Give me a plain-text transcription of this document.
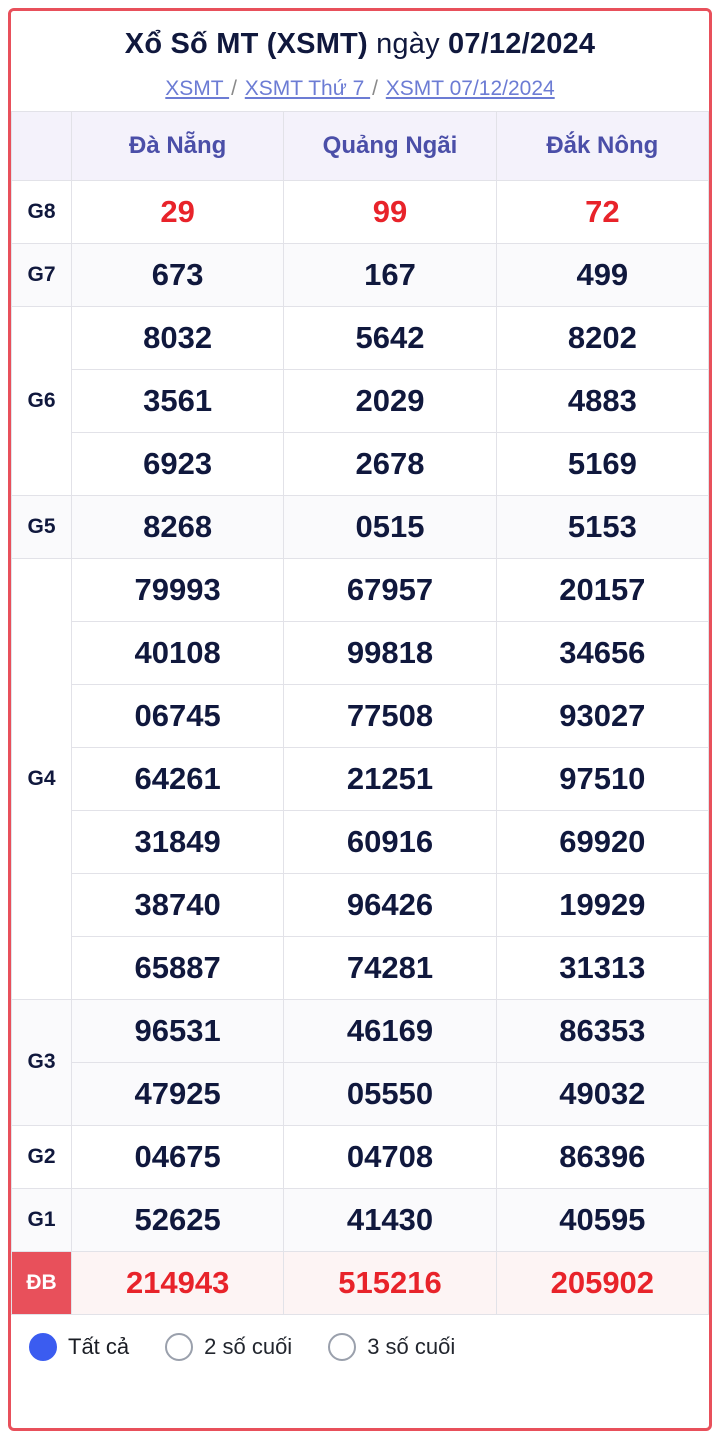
Xổ Số MT (XSMT) ngày 07/12/2024
XSMT / XSMT Thứ 7 / XSMT 07/12/2024
	Đà Nẵng	Quảng Ngãi	Đắk Nông
G8	29	99	72
G7	673	167	499
G6	8032	5642	8202
	3561	2029	4883
	6923	2678	5169
G5	8268	0515	5153
G4	79993	67957	20157
	40108	99818	34656
	06745	77508	93027
	64261	21251	97510
	31849	60916	69920
	38740	96426	19929
	65887	74281	31313
G3	96531	46169	86353
	47925	05550	49032
G2	04675	04708	86396
G1	52625	41430	40595
ĐB	214943	515216	205902
Tất cả	2 số cuối	3 số cuối
